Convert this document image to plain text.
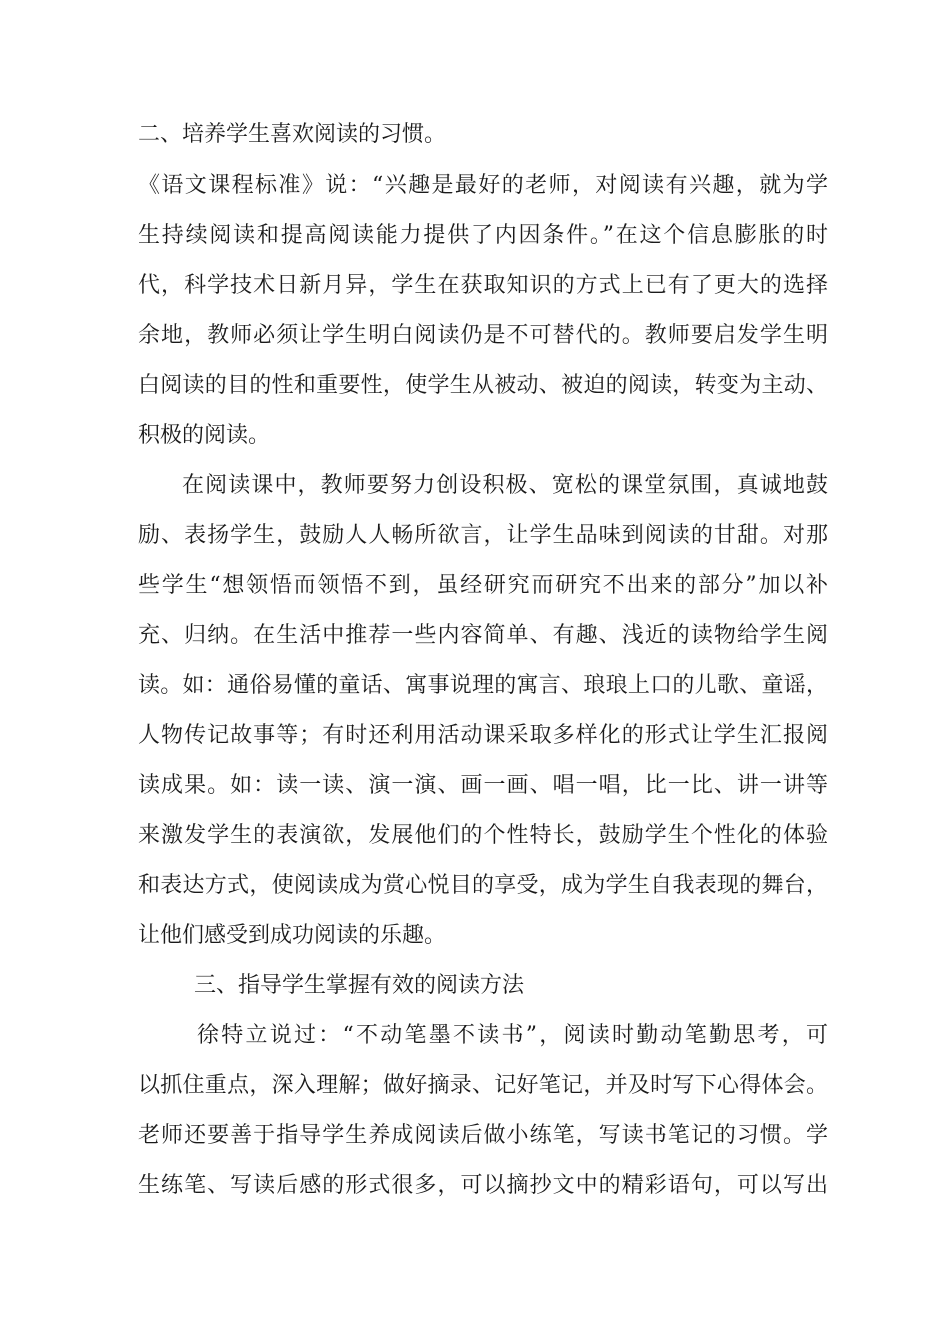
二、培养学生喜欢阅读的习惯。
《语文课程标准》说：“兴趣是最好的老师，对阅读有兴趣，就为学
生持续阅读和提高阅读能力提供了内因条件。”在这个信息膨胀的时
代，科学技术日新月异，学生在获取知识的方式上已有了更大的选择
余地，教师必须让学生明白阅读仍是不可替代的。教师要启发学生明
白阅读的目的性和重要性，使学生从被动、被迫的阅读，转变为主动、
积极的阅读。
在阅读课中，教师要努力创设积极、宽松的课堂氛围，真诚地鼓
励、表扬学生，鼓励人人畅所欲言，让学生品味到阅读的甘甜。对那
些学生“想领悟而领悟不到，虽经研究而研究不出来的部分”加以补
充、归纳。在生活中推荐一些内容简单、有趣、浅近的读物给学生阅
读。如：通俗易懂的童话、寓事说理的寓言、琅琅上口的儿歌、童谣，
人物传记故事等；有时还利用活动课采取多样化的形式让学生汇报阅
读成果。如：读一读、演一演、画一画、唱一唱，比一比、讲一讲等
来激发学生的表演欲，发展他们的个性特长，鼓励学生个性化的体验
和表达方式，使阅读成为赏心悦目的享受，成为学生自我表现的舞台，
让他们感受到成功阅读的乐趣。
三、指导学生掌握有效的阅读方法
徐特立说过：“不动笔墨不读书”，阅读时勤动笔勤思考，可
以抓住重点，深入理解；做好摘录、记好笔记，并及时写下心得体会。
老师还要善于指导学生养成阅读后做小练笔，写读书笔记的习惯。学
生练笔、写读后感的形式很多，可以摘抄文中的精彩语句，可以写出
